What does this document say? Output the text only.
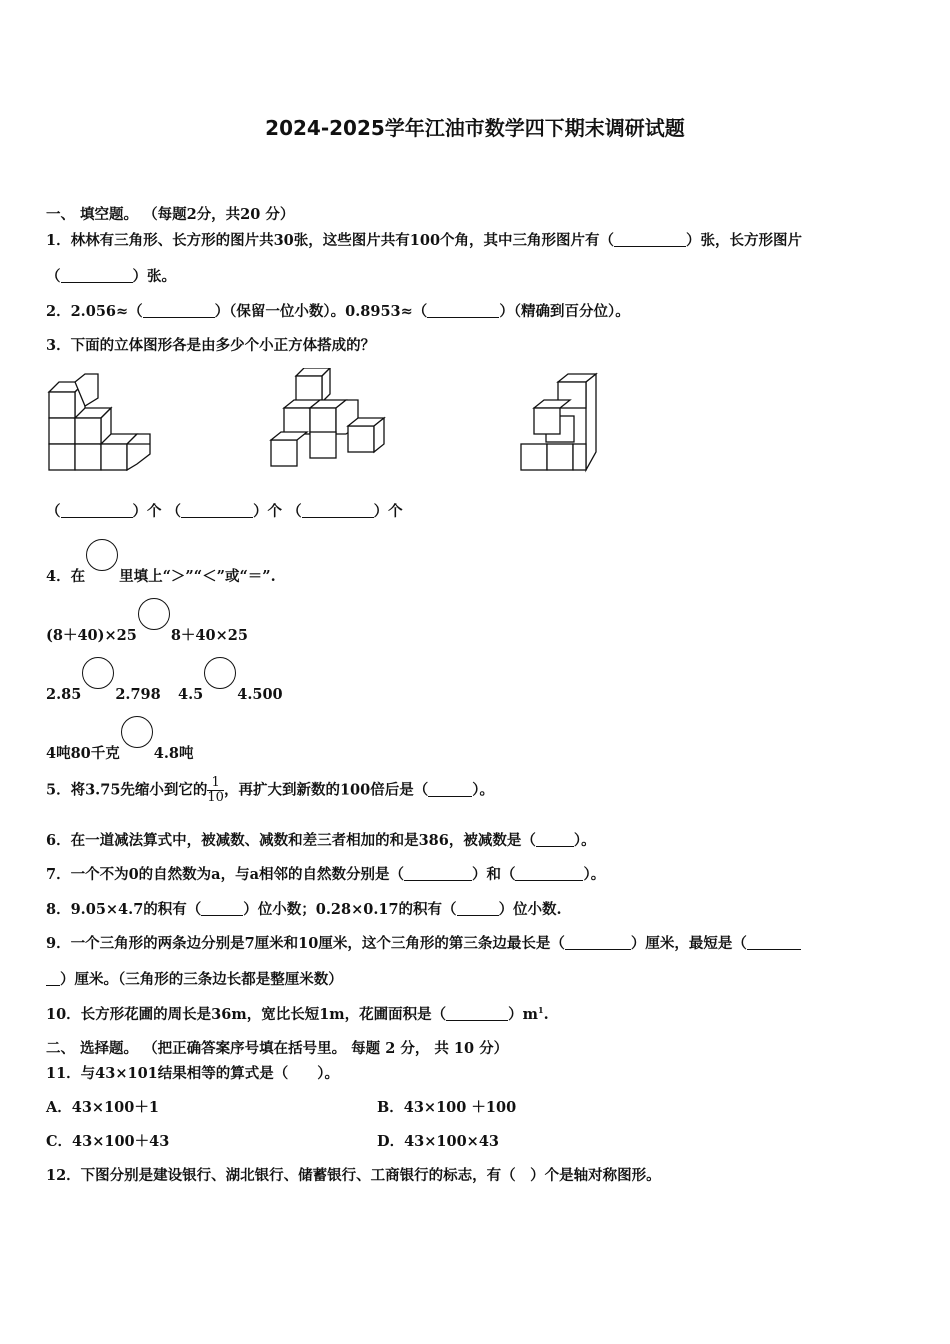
2024-2025学年江油市数学四下期末调研试题
一、 填空题。 （每题2分，共20 分）
1．林林有三角形、长方形的图片共30张，这些图片共有100个角，其中三角形图片有（	）张，长方形图片
（	）张。
2．2.056≈（	）（保留一位小数）。0.8953≈（	）（精确到百分位）。
3．下面的立体图形各是由多少个小正方体搭成的？
（	）个 （	）个 （	）个
4．在 里填上“＞”“＜”或“＝”.
(8＋40)×25 8＋40×25
2.85 2.798 4.5 4.500
4吨80千克 4.8吨
5．将3.75先缩小到它的 $\frac{1}{10}$ ，再扩大到新数的100倍后是（	）。
6．在一道减法算式中，被减数、减数和差三者相加的和是386，被减数是（	）。
7．一个不为0的自然数为a，与a相邻的自然数分别是（	）和（	）。
8．9.05×4.7的积有（	）位小数；0.28×0.17的积有（	）位小数.
9．一个三角形的两条边分别是7厘米和10厘米，这个三角形的第三条边最长是（	）厘米，最短是（
）厘米。（三角形的三条边长都是整厘米数）
10．长方形花圃的周长是36m，宽比长短1m，花圃面积是（	）$m^1$.
二、 选择题。 （把正确答案序号填在括号里。 每题 2 分， 共 10 分）
11．与43×101结果相等的算式是（　　）。
A．43×100＋1	B．43×100 ＋100
C．43×100＋43	D．43×100×43
12．下图分别是建设银行、湖北银行、储蓄银行、工商银行的标志，有（　）个是轴对称图形。
